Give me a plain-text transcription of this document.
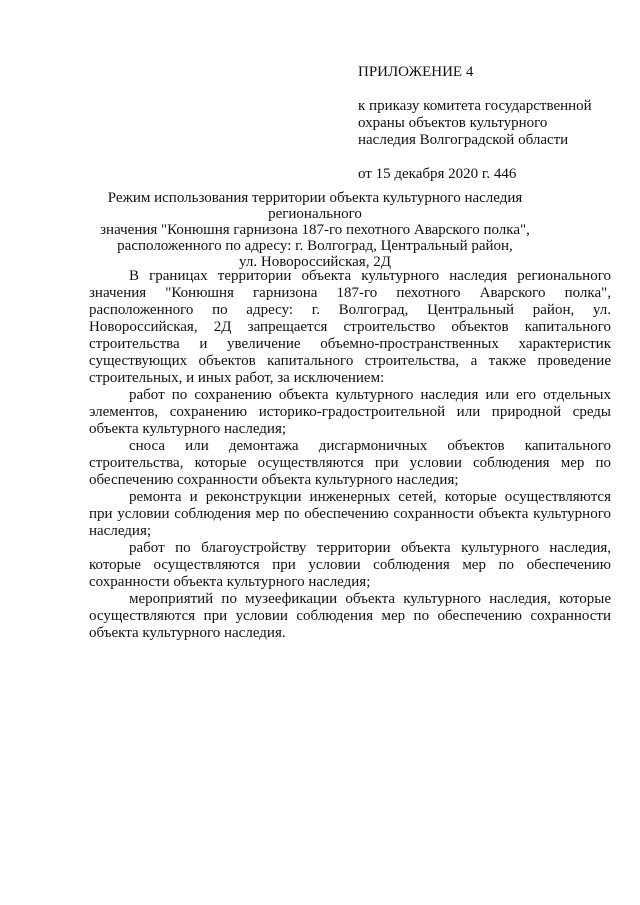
ПРИЛОЖЕНИЕ 4
к приказу комитета государственной
охраны объектов культурного
наследия Волгоградской области
от 15 декабря 2020 г. 446
Режим использования территории объекта культурного наследия регионального
значения "Конюшня гарнизона 187-го пехотного Аварского полка",
расположенного по адресу: г. Волгоград, Центральный район,
ул. Новороссийская, 2Д

В границах территории объекта культурного наследия регионального значения "Конюшня гарнизона 187-го пехотного Аварского полка", расположенного по адресу: г. Волгоград, Центральный район, ул. Новороссийская, 2Д запрещается строительство объектов капитального строительства и увеличение объемно-пространственных характеристик существующих объектов капитального строительства, а также проведение строительных, и иных работ, за исключением:

работ по сохранению объекта культурного наследия или его отдельных элементов, сохранению историко-градостроительной или природной среды объекта культурного наследия;

сноса или демонтажа дисгармоничных объектов капитального строительства, которые осуществляются при условии соблюдения мер по обеспечению сохранности объекта культурного наследия;

ремонта и реконструкции инженерных сетей, которые осуществляются при условии соблюдения мер по обеспечению сохранности объекта культурного наследия;

работ по благоустройству территории объекта культурного наследия, которые осуществляются при условии соблюдения мер по обеспечению сохранности объекта культурного наследия;

мероприятий по музеефикации объекта культурного наследия, которые осуществляются при условии соблюдения мер по обеспечению сохранности объекта культурного наследия.
